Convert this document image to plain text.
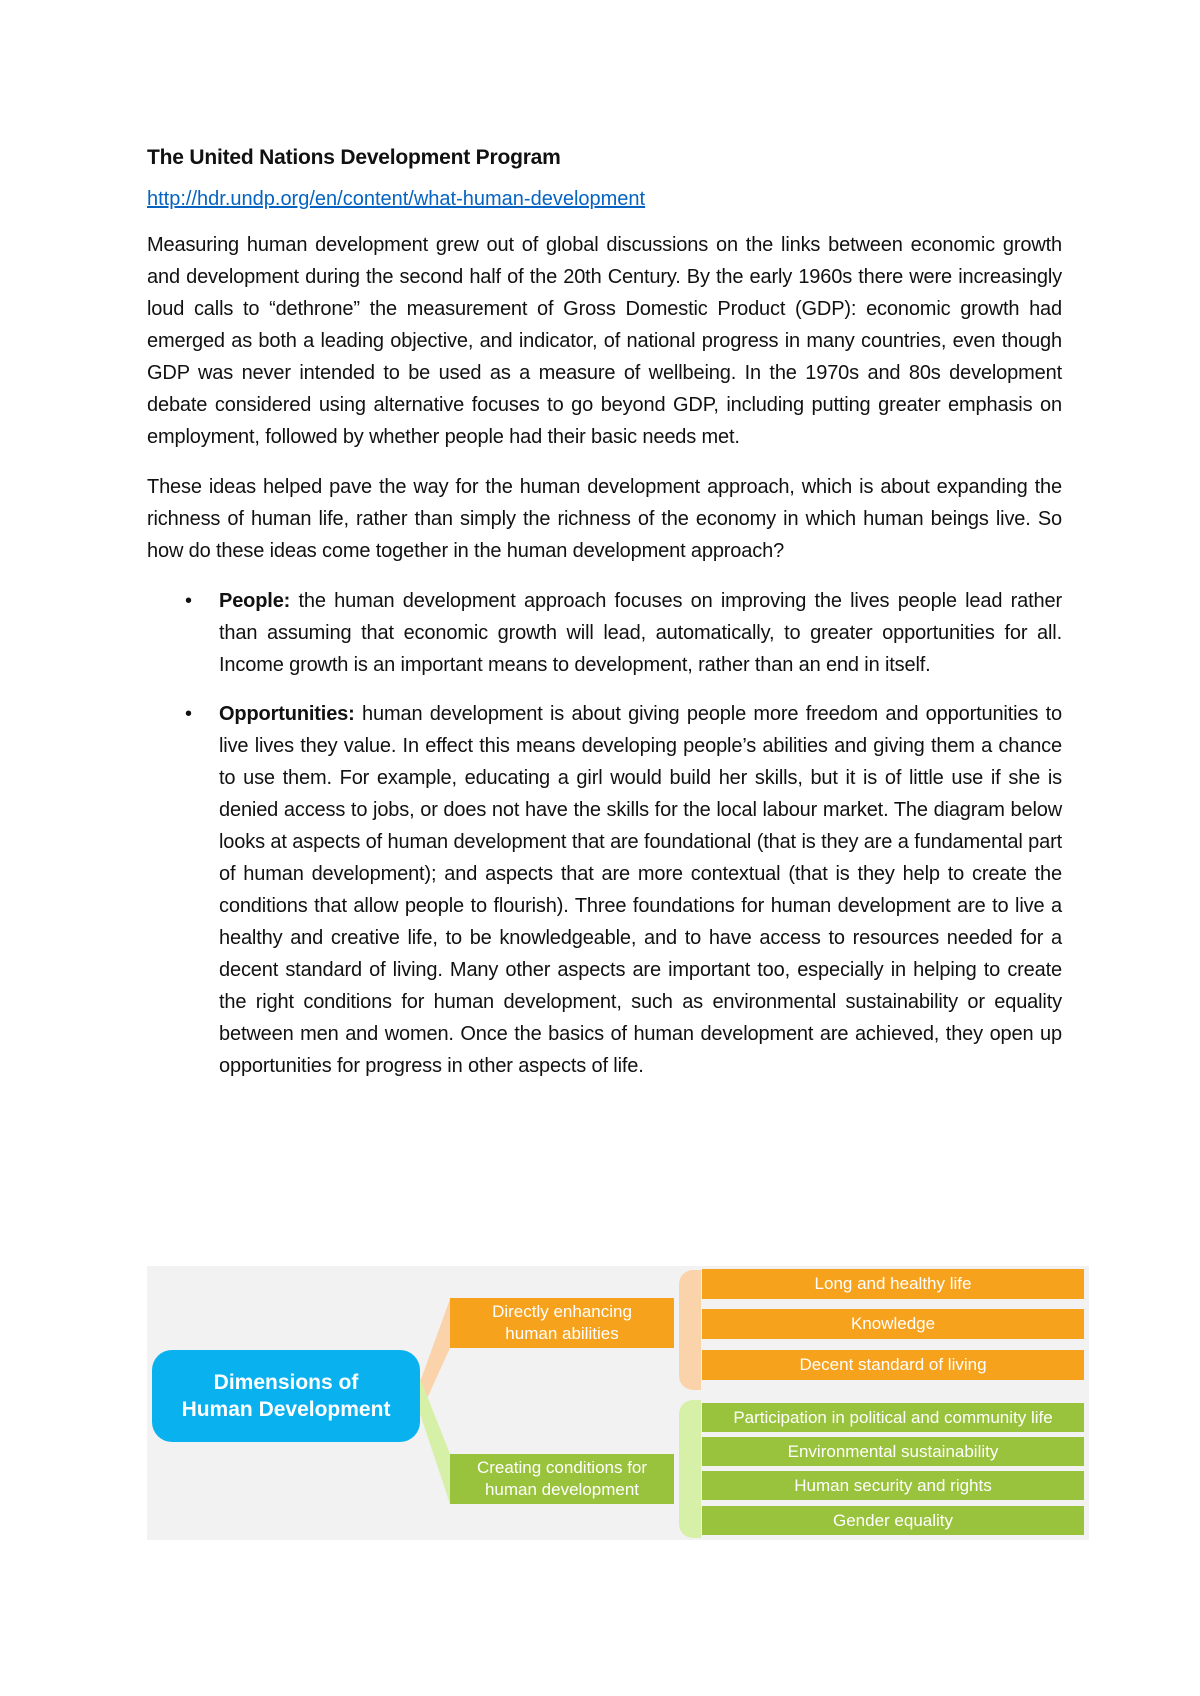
The United Nations Development Program
http://hdr.undp.org/en/content/what-human-development

Measuring human development grew out of global discussions on the links between economic growth and development during the second half of the 20th Century. By the early 1960s there were increasingly loud calls to “dethrone” the measurement of Gross Domestic Product (GDP): economic growth had emerged as both a leading objective, and indicator, of national progress in many countries, even though GDP was never intended to be used as a measure of wellbeing. In the 1970s and 80s development debate considered using alternative focuses to go beyond GDP, including putting greater emphasis on employment, followed by whether people had their basic needs met.

These ideas helped pave the way for the human development approach, which is about expanding the richness of human life, rather than simply the richness of the economy in which human beings live. So how do these ideas come together in the human development approach?

• People: the human development approach focuses on improving the lives people lead rather than assuming that economic growth will lead, automatically, to greater opportunities for all. Income growth is an important means to development, rather than an end in itself.
• Opportunities: human development is about giving people more freedom and opportunities to live lives they value. In effect this means developing people’s abilities and giving them a chance to use them. For example, educating a girl would build her skills, but it is of little use if she is denied access to jobs, or does not have the skills for the local labour market. The diagram below looks at aspects of human development that are foundational (that is they are a fundamental part of human development); and aspects that are more contextual (that is they help to create the conditions that allow people to flourish). Three foundations for human development are to live a healthy and creative life, to be knowledgeable, and to have access to resources needed for a decent standard of living. Many other aspects are important too, especially in helping to create the right conditions for human development, such as environmental sustainability or equality between men and women. Once the basics of human development are achieved, they open up opportunities for progress in other aspects of life.
Dimensions of Human Development
Directly enhancing human abilities
Creating conditions for human development
Long and healthy life
Knowledge
Decent standard of living
Participation in political and community life
Environmental sustainability
Human security and rights
Gender equality
